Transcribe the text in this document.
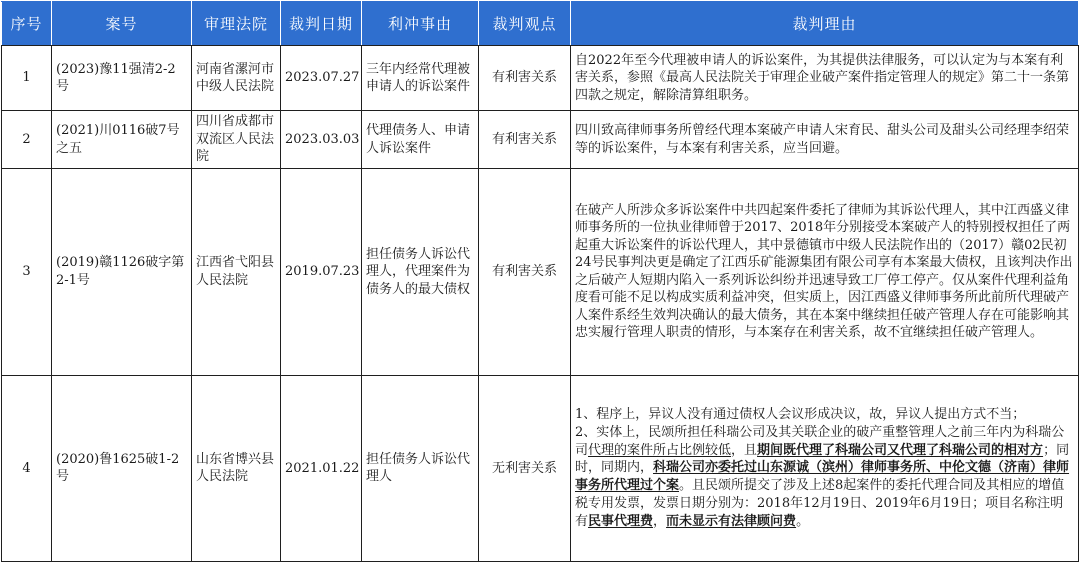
序号	案号	审理法院	裁判日期	利冲事由	裁判观点	裁判理由
1	(2023)豫11强清2-2号	河南省漯河市中级人民法院	2023.07.27	三年内经常代理被申请人的诉讼案件	有利害关系	自2022年至今代理被申请人的诉讼案件，为其提供法律服务，可以认定为与本案有利害关系，参照《最高人民法院关于审理企业破产案件指定管理人的规定》第二十一条第四款之规定，解除清算组职务。
2	(2021)川0116破7号之五	四川省成都市双流区人民法院	2023.03.03	代理债务人、申请人诉讼案件	有利害关系	四川致高律师事务所曾经代理本案破产申请人宋育民、甜头公司及甜头公司经理李绍荣等的诉讼案件，与本案有利害关系，应当回避。
3	(2019)赣1126破字第2-1号	江西省弋阳县人民法院	2019.07.23	担任债务人诉讼代理人，代理案件为债务人的最大债权	有利害关系	在破产人所涉众多诉讼案件中共四起案件委托了律师为其诉讼代理人，其中江西盛义律师事务所的一位执业律师曾于2017、2018年分别接受本案破产人的特别授权担任了两起重大诉讼案件的诉讼代理人，其中景德镇市中级人民法院作出的（2017）赣02民初24号民事判决更是确定了江西乐矿能源集团有限公司享有本案最大债权，且该判决作出之后破产人短期内陷入一系列诉讼纠纷并迅速导致工厂停工停产。仅从案件代理利益角度看可能不足以构成实质利益冲突，但实质上，因江西盛义律师事务所此前所代理破产人案件系经生效判决确认的最大债务，其在本案中继续担任破产管理人存在可能影响其忠实履行管理人职责的情形，与本案存在利害关系，故不宜继续担任破产管理人。
4	(2020)鲁1625破1-2号	山东省博兴县人民法院	2021.01.22	担任债务人诉讼代理人	无利害关系	1、程序上，异议人没有通过债权人会议形成决议，故，异议人提出方式不当；
2、实体上，民颂所担任科瑞公司及其关联企业的破产重整管理人之前三年内为科瑞公司代理的案件所占比例较低，且期间既代理了科瑞公司又代理了科瑞公司的相对方；同时，同期内，科瑞公司亦委托过山东源诚（滨州）律师事务所、中伦文德（济南）律师事务所代理过个案。且民颂所提交了涉及上述8起案件的委托代理合同及其相应的增值税专用发票，发票日期分别为：2018年12月19日、2019年6月19日；项目名称注明有民事代理费，而未显示有法律顾问费。
